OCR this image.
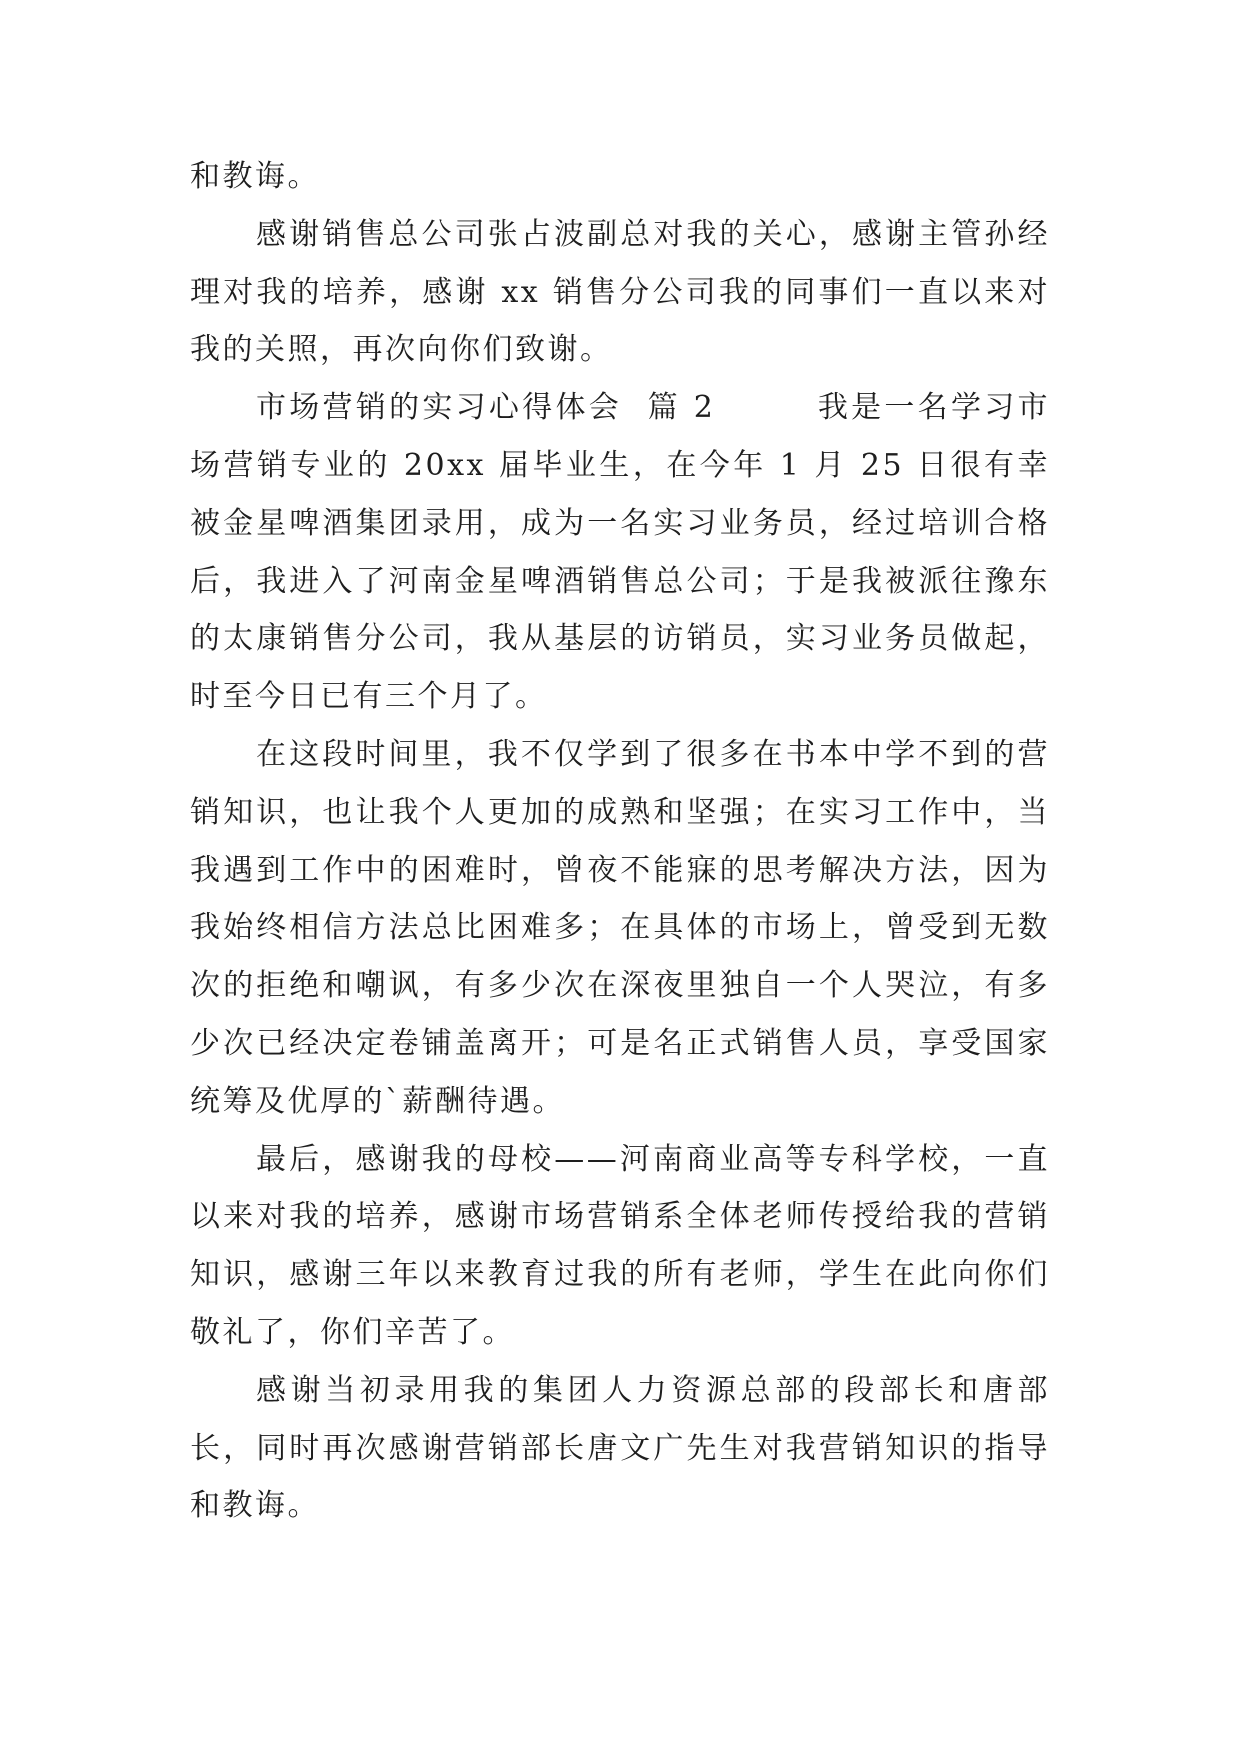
和教诲。

感谢销售总公司张占波副总对我的关心，感谢主管孙经理对我的培养，感谢 xx 销售分公司我的同事们一直以来对我的关照，再次向你们致谢。

市场营销的实习心得体会  篇 2        我是一名学习市场营销专业的 20xx 届毕业生，在今年 1 月 25 日很有幸被金星啤酒集团录用，成为一名实习业务员，经过培训合格后，我进入了河南金星啤酒销售总公司；于是我被派往豫东的太康销售分公司，我从基层的访销员，实习业务员做起，时至今日已有三个月了。

在这段时间里，我不仅学到了很多在书本中学不到的营销知识，也让我个人更加的成熟和坚强；在实习工作中，当我遇到工作中的困难时，曾夜不能寐的思考解决方法，因为我始终相信方法总比困难多；在具体的市场上，曾受到无数次的拒绝和嘲讽，有多少次在深夜里独自一个人哭泣，有多少次已经决定卷铺盖离开；可是名正式销售人员，享受国家统筹及优厚的`薪酬待遇。

最后，感谢我的母校——河南商业高等专科学校，一直以来对我的培养，感谢市场营销系全体老师传授给我的营销知识，感谢三年以来教育过我的所有老师，学生在此向你们敬礼了，你们辛苦了。

感谢当初录用我的集团人力资源总部的段部长和唐部长，同时再次感谢营销部长唐文广先生对我营销知识的指导和教诲。
